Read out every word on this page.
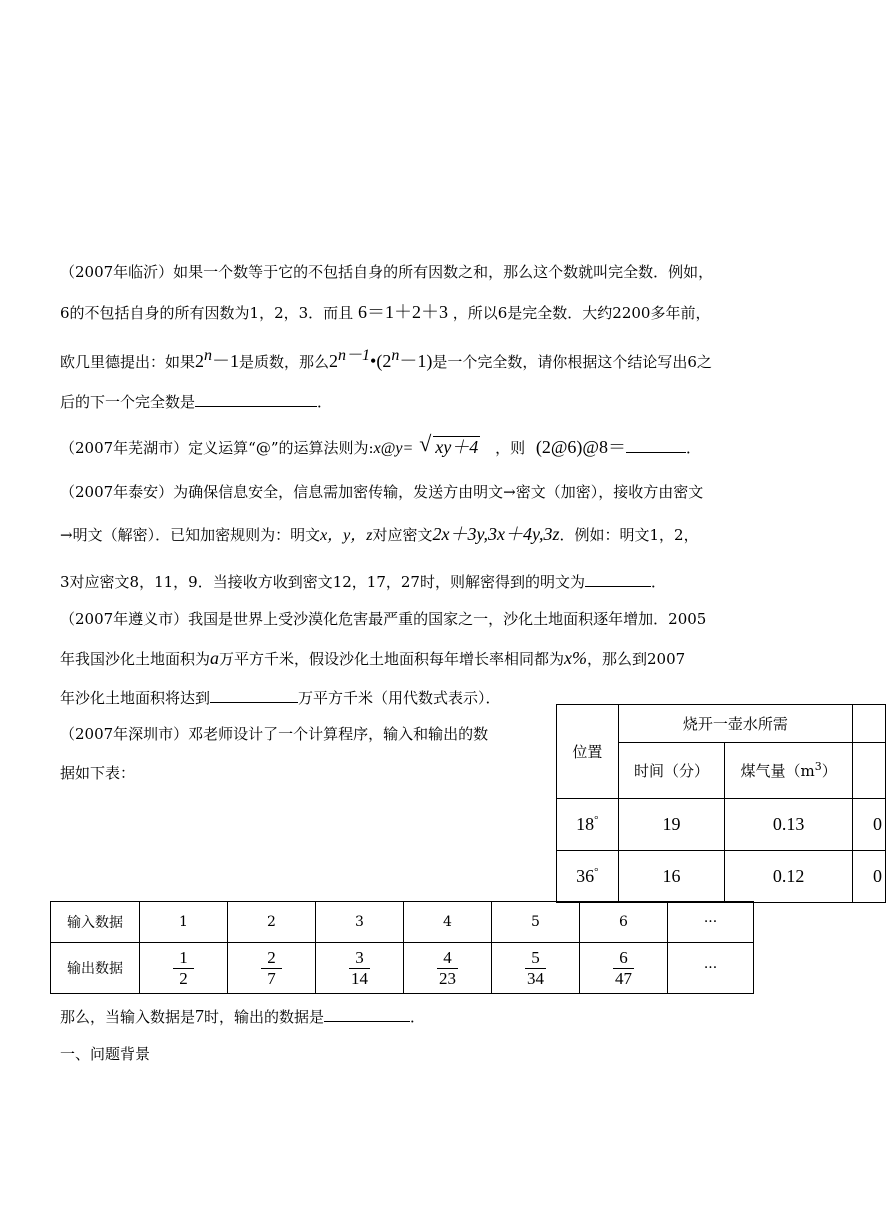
（2007年临沂）如果一个数等于它的不包括自身的所有因数之和，那么这个数就叫完全数．例如，
6的不包括自身的所有因数为1，2，3．而且 6＝1＋2＋3 ，所以6是完全数．大约2200多年前，
欧几里德提出：如果$2^n-1$是质数，那么$2^{n-1}•(2^n-1)$是一个完全数，请你根据这个结论写出6之
后的下一个完全数是	．
（2007年芜湖市）定义运算“@”的运算法则为:x@y= √ xy＋4 ，则 (2@6)@8＝	．
（2007年泰安）为确保信息安全，信息需加密传输，发送方由明文→密文（加密），接收方由密文
→明文（解密）．已知加密规则为：明文x，y，z对应密文2x＋3y,3x＋4y,3z．例如：明文1，2，
3对应密文8，11，9．当接收方收到密文12，17，27时，则解密得到的明文为	．
（2007年遵义市）我国是世界上受沙漠化危害最严重的国家之一，沙化土地面积逐年增加．2005
年我国沙化土地面积为a万平方千米，假设沙化土地面积每年增长率相同都为x%，那么到2007
年沙化土地面积将达到	万平方千米（用代数式表示）．
（2007年深圳市）邓老师设计了一个计算程序，输入和输出的数
据如下表：
位置	烧开一壶水所需		
	时间（分）	煤气量$(m^3)$	
18°	19	0.13	0
36°	16	0.12	0
输入数据	1	2	3	4	5	6	···
输出数据	$\frac{1}{2}$	$\frac{2}{7}$	$\frac{3}{14}$	$\frac{4}{23}$	$\frac{5}{34}$	$\frac{6}{47}$	···
那么，当输入数据是7时，输出的数据是	．
一、问题背景
